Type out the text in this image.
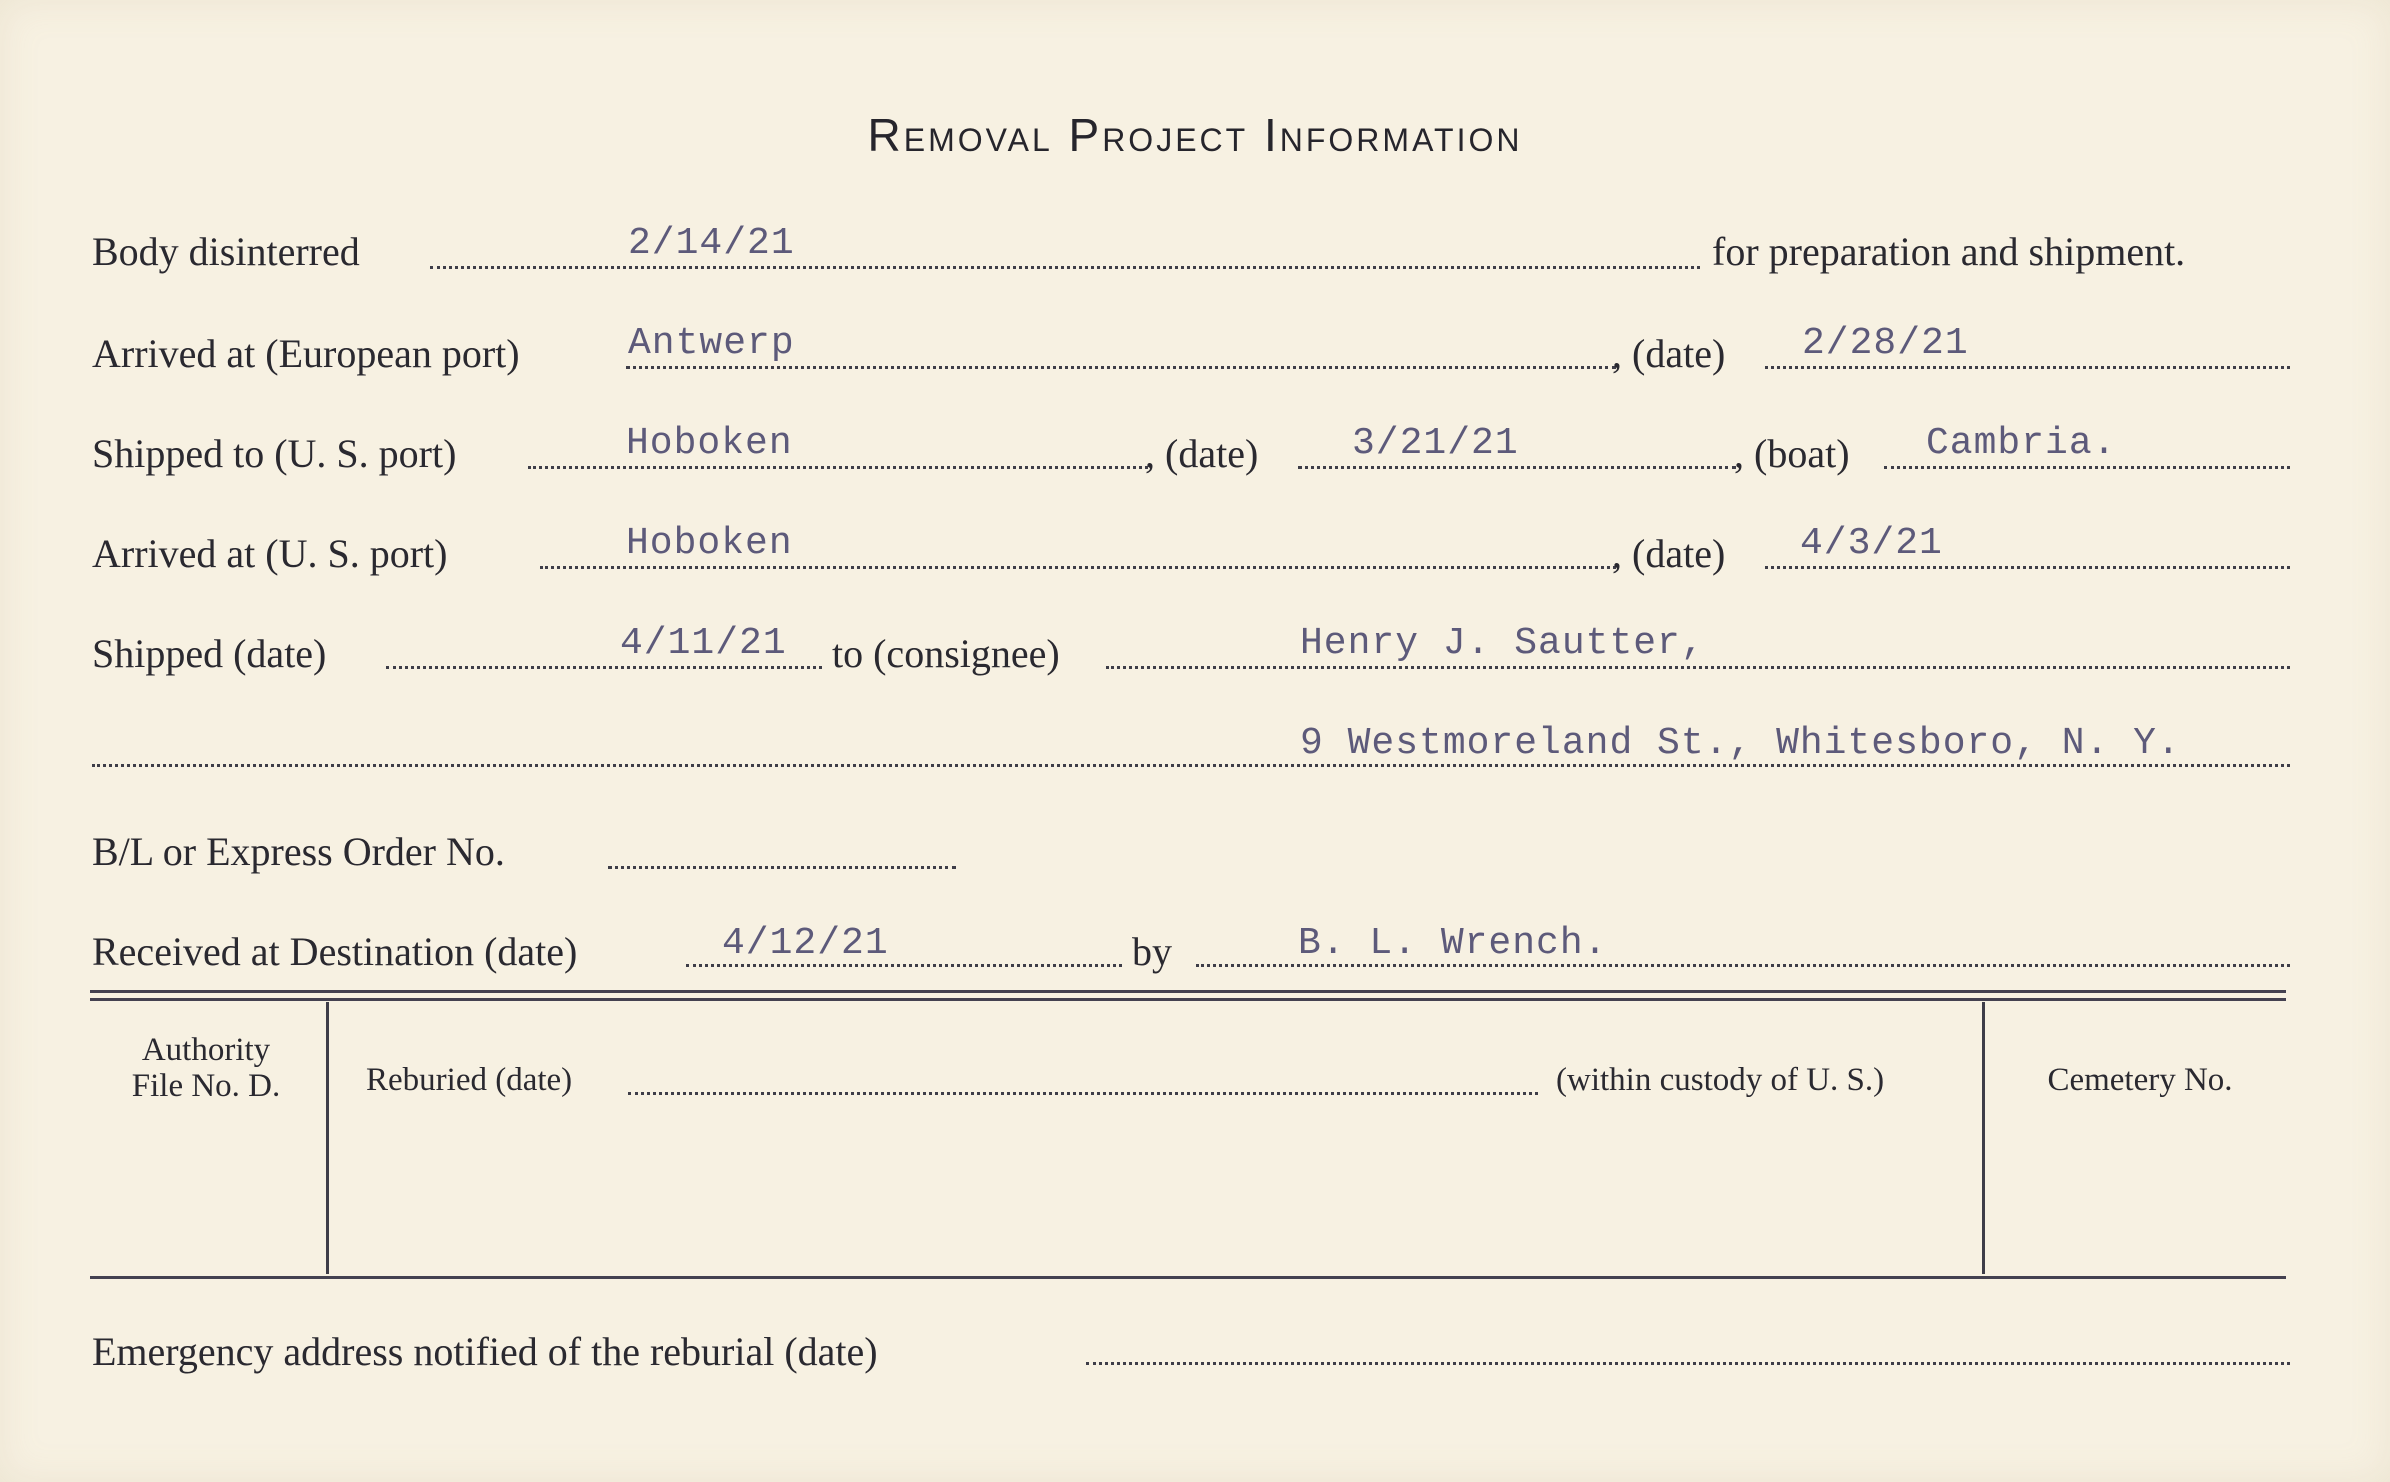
Removal Project Information
Body disinterred	2/14/21	for preparation and shipment.
Arrived at (European port)	Antwerp	, (date) 2/28/21
Shipped to (U. S. port)	Hoboken	, (date) 3/21/21	, (boat) Cambria.
Arrived at (U. S. port)	Hoboken	, (date) 4/3/21
Shipped (date)	4/11/21 to (consignee)	Henry J. Sautter,
9 Westmoreland St., Whitesboro, N. Y.
B/L or Express Order No.
Received at Destination (date)	4/12/21	by	B. L. Wrench.
Authority
File No. D.	Reburied (date)	(within custody of U. S.)	Cemetery No.
Emergency address notified of the reburial (date)
